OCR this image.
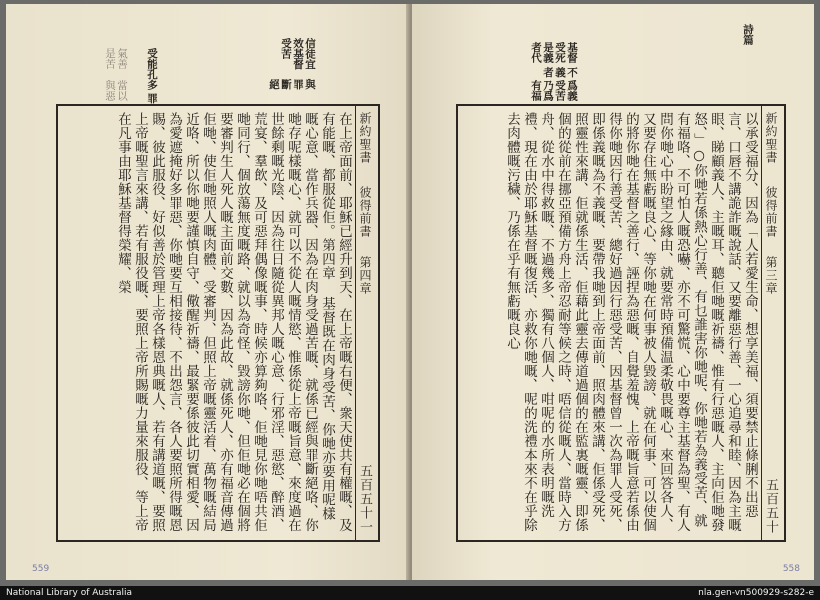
信徒宜效基督受苦
與罪斷絕
受能孔多
罪
氣善是苦
當以與惡
新約聖書
彼得前書
第四章
五百五十一

在上帝面前、耶穌已經升到天、在上帝嘅右便、衆天使共有權嘅、及有能嘅、都服從佢。第四章 基督既在肉身受苦、你哋亦要用呢樣嘅心意、當作兵器、因為在肉身受過苦嘅、就係已經與罪斷絕咯、你哋存呢樣嘅心、就可以不從人嘅情慾、惟係從上帝嘅旨意、來度過在世餘剩嘅光陰、因為往日隨從異邦人嘅心意、行邪淫、惡慾、醉酒、荒宴、羣飲、及可惡拜偶像嘅事、時候亦算夠咯、佢哋見你哋唔共佢哋同行、個放蕩無度嘅路、就以為奇怪、毀謗你哋、但佢哋必在個將要審判生人死人嘅主面前交數、因為此故、就係死人、亦有福音傳過佢哋、使佢哋照人嘅肉體、受審判、但照上帝嘅靈活着、萬物嘅結局近咯、所以你哋要謹慎自守、儆醒祈禱、最緊要係彼此切實相愛、因為愛遮掩好多罪惡、你哋要互相接待、不出怨言、各人要照所得嘅恩賜、彼此服役、好似善於管理上帝各樣恩典嘅人、若有講道嘅、要照上帝嘅聖言來講、若有服役嘅、要照上帝所賜嘅力量來服役、等上帝在凡事由耶穌基督得榮耀、榮

559
基督受死是義者代
不義者
爲義受苦乃爲有福
詩篇
新約聖書
彼得前書
第三章
五百五十

以承受福分、因為「人若愛生命、想享美福、須要禁止條脷不出惡言、口唇不講詭詐嘅說話、又要離惡行善、一心追尋和睦、因為主嘅眼、睇顧義人、主嘅耳、聽佢哋嘅祈禱、惟有行惡嘅人、主向佢哋發怒、」○你哋若係熱心行善、有乜誰害你哋呢、你哋若為義受苦、就有福咯、不可怕人嘅恐嚇、亦不可驚慌、心中要尊主基督為聖、有人問你哋心中盼望之緣由、就要常時預備温柔敬畏嘅心、來回答各人、又要存住無虧嘅良心、等你哋在何事被人毀謗、就在何事、可以使個的將你哋在基督之善行、誣捏為惡嘅、自覺羞愧、上帝嘅旨意若係由得你哋因行善受苦、總好過因行惡受苦、因基督曾一次為罪人受死、即係義嘅為不義嘅、要帶我哋到上帝面前、照肉體來講、佢係受死、照靈性來講、佢就係生活、佢藉此靈去傳道過個的在監裏嘅靈、即係個的從前在挪亞預備方舟上帝忍耐等候之時、唔信從嘅人、當時入方舟、從水中得救嘅、不過幾多、獨有八個人、咁呢的水所表明嘅洗禮、現在由於耶穌基督嘅復活、亦救你哋嘅、呢的洗禮本來不在乎除去肉體嘅污穢、乃係在乎有無虧嘅良心

558
National Library of Australia	nla.gen-vn500929-s282-e
